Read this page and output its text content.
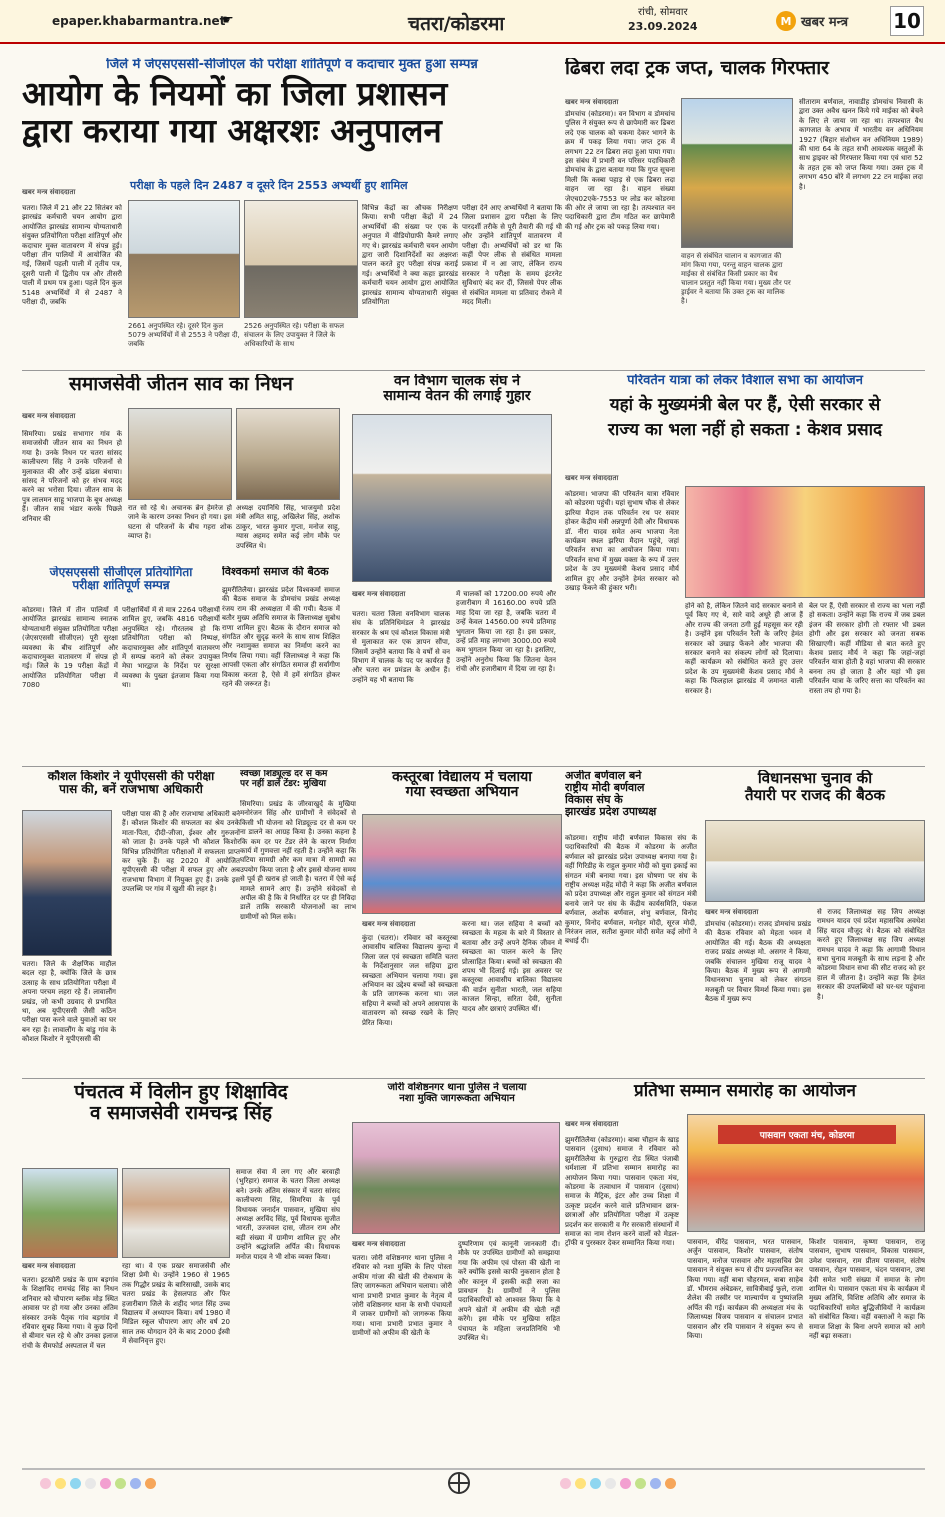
epaper.khabarmantra.net
☛	चतरा/कोडरमा
रांची, सोमवार
23.09.2024	M खबर मन्त्र 10
जिले में जेएसएससी-सीजीएल की परीक्षा शांतिपूर्ण व कदाचार मुक्त हुआ सम्पन्न
आयोग के नियमों का जिला प्रशासन
द्वारा कराया गया अक्षरशः अनुपालन
परीक्षा के पहले दिन 2487 व दूसरे दिन 2553 अभ्यर्थी हुए शामिल
खबर मन्त्र संवाददाता
चतरा। जिले में 21 और 22 सितंबर को झारखंड कर्मचारी चयन आयोग द्वारा आयोजित झारखंड सामान्य योग्यताधारी संयुक्त प्रतियोगिता परीक्षा शांतिपूर्ण और कदाचार मुक्त वातावरण में संपन्न हुई। परीक्षा तीन पालियों में आयोजित की गई, जिसमें पहली पाली में तृतीय पत्र, दूसरी पाली में द्वितीय पत्र और तीसरी पाली में प्रथम पत्र हुआ। पहले दिन कुल 5148 अभ्यर्थियों में से 2487 ने परीक्षा दी, जबकि
2661 अनुपस्थित रहे। दूसरे दिन कुल 5079 अभ्यर्थियों में से 2553 ने परीक्षा दी, जबकि
2526 अनुपस्थित रहे। परीक्षा के सफल संचालन के लिए उपायुक्त ने जिले के अधिकारियों के साथ
विभिन्न केंद्रों का औचक निरीक्षण किया। सभी परीक्षा केंद्रों में 24 अभ्यर्थियों की संख्या पर एक के अनुपात में वीडियोग्राफी कैमरे लगाए गए थे। झारखंड कर्मचारी चयन आयोग द्वारा जारी दिशानिर्देशों का अक्षरशः पालन करते हुए परीक्षा संपन्न कराई गई। अभ्यर्थियों ने क्या कहाः झारखंड कर्मचारी चयन आयोग द्वारा आयोजित झारखंड सामान्य योग्यताधारी संयुक्त प्रतियोगिता
परीक्षा देने आए अभ्यर्थियों ने बताया कि जिला प्रशासन द्वारा परीक्षा के लिए पारदर्शी तरीके से पूरी तैयारी की गई थी और उन्होंने शांतिपूर्ण वातावरण में परीक्षा दी। अभ्यर्थियों को डर था कि कहीं पेपर लीक से संबंधित मामला प्रकाश में न आ जाए, लेकिन राज्य सरकार ने परीक्षा के समय इंटरनेट सुविधाएं बंद कर दीं, जिससे पेपर लीक से संबंधित मामला या प्रतिवाद रोकने में मदद मिली।
ढिबरा लदा ट्रक जप्त, चालक गिरफ्तार
खबर मन्त्र संवाददाता
डोमचांच (कोडरमा)। वन विभाग व डोमचांच पुलिस ने संयुक्त रूप से छापेमारी कर ढिबरा लदे एक चालक को चकमा देकर भागने के क्रम में पकड़ लिया गया। जप्त ट्रक में लगभग 22 टन ढिबरा लदा हुआ पाया गया। इस संबंध में प्रभारी वन परिसर पदाधिकारी डोमचांच के द्वारा बताया गया कि गुप्त सूचना मिली कि कस्बा पहाड़ से एक ढिबरा लदा वाहन जा रहा है। वाहन संख्या जेएच02एके-7553 पर लोड कर कोडरमा की ओर ले जाया जा रहा है। तत्पश्चात वन पदाधिकारी द्वारा टीम गठित कर छापेमारी की गई और ट्रक को पकड़ लिया गया।
वाहन से संबंधित चालान व कागजात की मांग किया गया, परन्तु वाहन चालक द्वारा माईका से संबंधित किसी प्रकार का वैध चालान प्रस्तुत नहीं किया गया। मुख्य तौर पर ड्राईवर ने बताया कि उक्त ट्रक का मालिक है।
सीताराम बर्णवाल, नावाडीह डोमचांच निवासी के द्वारा उक्त अवैध खनन किये गये माईका को बेचने के लिए ले जाया जा रहा था। तत्पश्चात वैध कागजात के अभाव में भारतीय वन अधिनियम 1927 (बिहार संशोधन वन अधिनियम 1989) की धारा 64 के तहत सभी आवश्यक वस्तुओं के साथ ड्राइवर को गिरफ्तार किया गया एवं धारा 52 के तहत ट्रक को जप्त किया गया। उक्त ट्रक में लगभग 450 बोरे में लगभग 22 टन माईका लदा है।
समाजसेवी जीतन साव का निधन
खबर मन्त्र संवाददाता
सिमरिया। प्रखंड सभागार गांव के समाजसेवी जीतन साव का निधन हो गया है। उनके निधन पर चतरा सांसद कालीचरण सिंह ने उनके परिजनों से मुलाकात की और उन्हें ढांढस बंधाया। सांसद ने परिजनों को हर संभव मदद करने का भरोसा दिया। जीतन साव के पुत्र लालमन साहू भाजपा के बूथ अध्यक्ष हैं। जीतन साव भंडार करके पिछले शनिवार की
रात सो रहे थे। अचानक ब्रेन हेमरेज हो जाने के कारण उनका निधन हो गया। इस घटना से परिजनों के बीच गहरा शोक व्याप्त है।
अध्यक्ष दयानिधि सिंह, भाजयुमो प्रदेश मंत्री अमित साहू, अखिलेश सिंह, अशोक ठाकुर, भारत कुमार गुप्ता, मनोज साहू, ग्यास अहमद समेत कई लोग मौके पर उपस्थित थे।
वन विभाग चालक संघ ने
सामान्य वेतन की लगाई गुहार
खबर मन्त्र संवाददाता
चतरा। चतरा जिला वनविभाग चालक संघ के प्रतिनिधिमंडल ने झारखंड सरकार के श्रम एवं कौशल विकास मंत्री से मुलाकात कर एक ज्ञापन सौंपा, जिसमें उन्होंने बताया कि वे वर्षों से वन विभाग में चालक के पद पर कार्यरत हैं और चतरा वन प्रमंडल के अधीन हैं। उन्होंने यह भी बताया कि
में चालकों को 17200.00 रुपये और हजारीबाग में 16160.00 रुपये प्रति माह दिया जा रहा है, जबकि चतरा में उन्हें केवल 14560.00 रुपये प्रतिमाह भुगतान किया जा रहा है। इस प्रकार, उन्हें प्रति माह लगभग 3000.00 रुपये कम भुगतान किया जा रहा है। इसलिए, उन्होंने अनुरोध किया कि जितना वेतन रांची और हजारीबाग में दिया जा रहा है।
परिवर्तन यात्रा को लेकर विशाल सभा का आयोजन
यहां के मुख्यमंत्री बेल पर हैं, ऐसी सरकार से
राज्य का भला नहीं हो सकता : केशव प्रसाद
खबर मन्त्र संवाददाता
कोडरमा। भाजपा की परिवर्तन यात्रा रविवार को कोडरमा पहुंची। यहां सुभाष चौक से लेकर झरिया मैदान तक परिवर्तन रथ पर सवार होकर केंद्रीय मंत्री अन्नपूर्णा देवी और विधायक डॉ. नीरा यादव समेत अन्य भाजपा नेता कार्यक्रम स्थल झरिया मैदान पहुंचे, जहां परिवर्तन सभा का आयोजन किया गया। परिवर्तन सभा में मुख्य वक्ता के रूप में उत्तर प्रदेश के उप मुख्यमंत्री केशव प्रसाद मौर्य शामिल हुए और उन्होंने हेमंत सरकार को उखाड़ फेंकने की हुंकार भरी।
होने को है, लेकिन जितने वादे सरकार बनाने से पूर्व किए गए थे, सारे वादे अधूरे ही आज हैं और राज्य की जनता ठगी हुई महसूस कर रही है। उन्होंने इस परिवर्तन रैली के जरिए हेमंत सरकार को उखाड़ फेंकने और भाजपा की सरकार बनाने का संकल्प लोगों को दिलाया। कहीं कार्यक्रम को संबोधित करते हुए उत्तर प्रदेश के उप मुख्यमंत्री केशव प्रसाद मौर्य ने कहा कि फिलहाल झारखंड में जमानत वाली सरकार है।
बेल पर हैं, ऐसी सरकार से राज्य का भला नहीं हो सकता। उन्होंने कहा कि राज्य में जब डबल इंजन की सरकार होगी तो रफ्तार भी डबल होगी और इस सरकार को जनता सबक सिखाएगी। कहीं मीडिया से बात करते हुए केशव प्रसाद मौर्य ने कहा कि जहां-जहां परिवर्तन यात्रा होती है वहां भाजपा की सरकार बनना तय हो जाता है और यहां भी इस परिवर्तन यात्रा के जरिए सत्ता का परिवर्तन का रास्ता तय हो गया है।
जेएसएससी सीजीएल प्रतियोगिता
परीक्षा शांतिपूर्ण सम्पन्न
कोडरमा। जिले में तीन पालियों में आयोजित झारखंड सामान्य स्नातक योग्यताधारी संयुक्त प्रतियोगिता परीक्षा (जेएसएससी सीजीएल) पूरी सुरक्षा व्यवस्था के बीच शांतिपूर्ण और कदाचारमुक्त वातावरण में संपन्न हो गई। जिले के 19 परीक्षा केंद्रों में आयोजित प्रतियोगिता परीक्षा में 7080
परीक्षार्थियों में से मात्र 2264 परीक्षार्थी शामिल हुए, जबकि 4816 परीक्षार्थी अनुपस्थित रहे। गौरतलब हो कि प्रतियोगिता परीक्षा को निष्पक्ष, कदाचारमुक्त और शांतिपूर्ण वातावरण में सम्पन्न कराने को लेकर उपायुक्त मेघा भारद्वाज के निर्देश पर सुरक्षा व्यवस्था के पुख्ता इंतजाम किया गया था।
विश्वकर्मा समाज की बैठक
झुमरीतिलैया। झारखंड प्रदेश विश्वकर्मा समाज की बैठक समाज के डोमचांच प्रखंड अध्यक्ष रंजय राम की अध्यक्षता में की गयी। बैठक में बतौर मुख्य अतिथि समाज के जिलाध्यक्ष सुबोध राणा शामिल हुए। बैठक के दौरान समाज को संगठित और सुदृढ़ करने के साथ साथ शिक्षित और नशामुक्त समाज का निर्माण करने का निर्णय लिया गया। वहीं जिलाध्यक्ष ने कहा कि आपसी एकता और संगठित समाज ही सर्वांगीण विकास करता है, ऐसे में हमें संगठित होकर रहने की जरूरत है।
कौशल किशोर ने यूपीएससी की परीक्षा
पास की, बनें राजभाषा अधिकारी
चतरा। जिले के शैक्षणिक माहौल बदल रहा है, क्योंकि जिले के छात्र उत्साह के साथ प्रतियोगिता परीक्षा में अपना परचम लहरा रहे हैं। लावालौंग प्रखंड, जो कभी उग्रवाद से प्रभावित था, अब यूपीएससी जैसी कठिन परीक्षा पास करने वाले युवाओं का घर बन रहा है। लावालौंग के बांडु गांव के कौशल किशोर ने यूपीएससी की
परीक्षा पास की है और राजभाषा अधिकारी बने हैं। कौशल किशोर की सफलता का श्रेय उनके माता-पिता, दीदी-जीजा, ईश्वर और गुरुजनों को जाता है। उनके पहले भी कौशल किशोर विभिन्न प्रतियोगिता परीक्षाओं में सफलता प्राप्त कर चुके हैं। वह 2020 में आयोजित यूपीएससी की परीक्षा में सफल हुए और अब राजभाषा विभाग में नियुक्त हुए हैं। उनके इस उपलब्धि पर गांव में खुशी की लहर है।
स्वेच्छा शिड्यूल्ड दर से कम
पर नहीं डालें टेंडर: मुखिया
सिमरिया। प्रखंड के जीरवाखुर्द के मुखिया मनोरंजन सिंह और ग्रामीणों ने संवेदकों से किसी भी योजना को शिड्यूल्ड दर से कम पर ना डालने का आग्रह किया है। उनका कहना है कि कम दर पर टेंडर लेने के कारण निर्माण कार्य में गुणवत्ता नहीं रहती है। उन्होंने कहा कि घटिया सामग्री और कम मात्रा में सामग्री का उपयोग किया जाता है और इससे योजना समय से पूर्व ही खराब हो जाती है। चतरा में ऐसे कई मामले सामने आए हैं। उन्होंने संवेदकों से अपील की है कि वे निर्धारित दर पर ही निविदा डालें ताकि सरकारी योजनाओं का लाभ ग्रामीणों को मिल सके।
कस्तूरबा विद्यालय में चलाया
गया स्वच्छता अभियान
खबर मन्त्र संवाददाता
कुंदा (चतरा)। रविवार को कस्तूरबा आवासीय बालिका विद्यालय कुन्दा में जिला जल एवं स्वच्छता समिति चतरा के निर्देशानुसार जल सहिया द्वारा स्वच्छता अभियान चलाया गया। इस अभियान का उद्देश्य बच्चों को स्वच्छता के प्रति जागरूक करना था। जल सहिया ने बच्चों को अपने आसपास के वातावरण को स्वच्छ रखने के लिए प्रेरित किया।
करना था। जल सहिया ने बच्चों को स्वच्छता के महत्व के बारे में विस्तार से बताया और उन्हें अपने दैनिक जीवन में स्वच्छता का पालन करने के लिए प्रोत्साहित किया। बच्चों को स्वच्छता की शपथ भी दिलाई गई। इस अवसर पर कस्तूरबा आवासीय बालिका विद्यालय की वार्डन सुनीता भारती, जल सहिया काजल सिन्हा, सरिता देवी, सुनीता यादव और छात्राएं उपस्थित थीं।
अजीत बर्णवाल बने
राष्ट्रीय मोदी बर्णवाल
विकास संघ के
झारखंड प्रदेश उपाध्यक्ष
कोडरमा। राष्ट्रीय मोदी बर्णवाल विकास संघ के पदाधिकारियों की बैठक में कोडरमा के अजीत बर्णवाल को झारखंड प्रदेश उपाध्यक्ष बनाया गया है। वहीं गिरिडीह के राहुल कुमार मोदी को युवा इकाई का संगठन मंत्री बनाया गया। इस घोषणा पर संघ के राष्ट्रीय अध्यक्ष महेंद्र मोदी ने कहा कि अजीत बर्णवाल को प्रदेश उपाध्यक्ष और राहुल कुमार को संगठन मंत्री बनाये जाने पर संघ के केंद्रीय कार्यसमिति, पंकज बर्णवाल, अशोक बर्णवाल, शंभु बर्णवाल, विनोद कुमार, विनोद बर्णवाल, मनोहर मोदी, सूरज मोदी, निरंजन लाल, सतीश कुमार मोदी समेत कई लोगों ने बधाई दी।
विधानसभा चुनाव की
तैयारी पर राजद की बैठक
खबर मन्त्र संवाददाता
डोमचांच (कोडरमा)। राजद डोमचांच प्रखंड की बैठक रविवार को मेहता भवन में आयोजित की गई। बैठक की अध्यक्षता राजद प्रखंड अध्यक्ष मो. असगर ने किया, जबकि संचालन मुखिया राजू यादव ने किया। बैठक में मुख्य रूप से आगामी विधानसभा चुनाव को लेकर संगठन मजबूती पर विचार विमर्श किया गया। इस बैठक में मुख्य रूप
से राजद जिलाध्यक्ष सह जिप अध्यक्ष रामधन यादव एवं प्रदेश महासचिव अवधेश सिंह यादव मौजूद थे। बैठक को संबोधित करते हुए जिलाध्यक्ष सह जिप अध्यक्ष रामधन यादव ने कहा कि आगामी विधान सभा चुनाव मजबूती के साथ लड़ना है और कोडरमा विधान सभा की सीट राजद को हर हाल में जीतना है। उन्होंने कहा कि हेमंत सरकार की उपलब्धियों को घर-घर पहुंचाना है।
पंचतत्व में विलीन हुए शिक्षाविद
व समाजसेवी रामचन्द्र सिंह
खबर मन्त्र संवाददाता
चतरा। इटखोरी प्रखंड के ग्राम बड़गांव के शिक्षाविद रामचंद्र सिंह का निधन शनिवार को चौपारण ब्लॉक मोड़ स्थित आवास पर हो गया और उनका अंतिम संस्कार उनके पैतृक गांव बड़गांव में रविवार सुबह किया गया। वे कुछ दिनों से बीमार चल रहे थे और उनका इलाज रांची के सैमफोर्ड अस्पताल में चल
रहा था। वे एक प्रखर समाजसेवी और शिक्षा प्रेमी थे। उन्होंने 1960 से 1965 तक गिद्धौर प्रखंड के बारिसाखी, उसके बाद चतरा प्रखंड के हेसलपाठ और फिर हजारीबाग जिले के शहीद भगत सिंह उच्च विद्यालय में अध्यापन किया। वर्ष 1980 में मिडिल स्कूल चौपारण आए और वर्ष 20 साल तक योगदान देने के बाद 2000 ईस्वी में सेवानिवृत्त हुए।
समाज सेवा में लग गए और बरवाही (भुरिहार) समाज के चतरा जिला अध्यक्ष बने। उनके अंतिम संस्कार में चतरा सांसद कालीचरण सिंह, सिमरिया के पूर्व विधायक जनार्दन पासवान, मुखिया संघ अध्यक्ष अरविंद सिंह, पूर्व विधायक सुजीत भारती, उज्जवल दास, जीतन राम और बड़ी संख्या में ग्रामीण शामिल हुए और उन्होंने श्रद्धांजलि अर्पित की। विधायक मनोज यादव ने भी शोक व्यक्त किया।
जोरी वशिष्ठनगर थाना पुलिस ने चलाया
नशा मुक्ति जागरूकता अभियान
खबर मन्त्र संवाददाता
चतरा। जोरी वशिष्ठनगर थाना पुलिस ने रविवार को नशा मुक्ति के लिए पोस्ता अफीम गांजा की खेती की रोकथाम के लिए जागरूकता अभियान चलाया। जोरी थाना प्रभारी प्रभात कुमार के नेतृत्व में जोरी वशिष्ठनगर थाना के सभी पंचायतों में जाकर ग्रामीणों को जागरूक किया गया। थाना प्रभारी प्रभात कुमार ने ग्रामीणों को अफीम की खेती के
दुष्परिणाम एवं कानूनी जानकारी दी। मौके पर उपस्थित ग्रामीणों को समझाया गया कि अफीम एवं पोस्ता की खेती ना करें क्योंकि इससे काफी नुकसान होता है और कानून में इसकी कड़ी सजा का प्रावधान है। ग्रामीणों ने पुलिस पदाधिकारियों को आश्वस्त किया कि वे अपने खेतों में अफीम की खेती नहीं करेंगे। इस मौके पर मुखिया सहित पंचायत के महिला जनप्रतिनिधि भी उपस्थित थे।
प्रतिभा सम्मान समारोह का आयोजन
खबर मन्त्र संवाददाता
झुमरीतिलैया (कोडरमा)। बाबा चौहान के खाड़ पासवान (दुसाध) समाज ने रविवार को झुमरीतिलैया के गुरुद्वारा रोड स्थित पंजाबी धर्मशाला में प्रतिभा सम्मान समारोह का आयोजन किया गया। पासवान एकता मंच, कोडरमा के तत्वाधान में पासवान (दुसाध) समाज के मैट्रिक, इंटर और उच्च शिक्षा में उत्कृष्ट प्रदर्शन करने वाले प्रतिभावान छात्र-छात्राओं और प्रतियोगिता परीक्षा में उत्कृष्ट प्रदर्शन कर सरकारी व गैर सरकारी संस्थानों में समाज का नाम रोशन करने वालों को मेडल-ट्रॉफी व पुरस्कार देकर सम्मानित किया गया।
पासवान एकता मंच, कोडरमा
पासवान, वीरेंद्र पासवान, भरत पासवान, अर्जुन पासवान, किशोर पासवान, संतोष पासवान, मनोज पासवान और महासचिव प्रेम पासवान ने संयुक्त रूप से दीप प्रज्ज्वलित कर किया गया। वहीं बाबा चौहरमल, बाबा साहेब डॉ. भीमराव अंबेडकर, सावित्रीबाई फुले, राजा शैलेश की तस्वीर पर माल्यार्पण व पुष्पांजलि अर्पित की गई। कार्यक्रम की अध्यक्षता मंच के जिलाध्यक्ष विजय पासवान व संचालन प्रभात पासवान और रवि पासवान ने संयुक्त रूप से किया।
किशोर पासवान, कृष्णा पासवान, राजू पासवान, सुभाष पासवान, विकास पासवान, उमेश पासवान, राम प्रीतम पासवान, संतोष पासवान, रोहन पासवान, चंदन पासवान, उषा देवी समेत भारी संख्या में समाज के लोग शामिल थे। पासवान एकता मंच के कार्यक्रम में मुख्य अतिथि, विशिष्ट अतिथि और समाज के पदाधिकारियों समेत बुद्धिजीवियों ने कार्यक्रम को संबोधित किया। वहीं वक्ताओं ने कहा कि समाज शिक्षा के बिना अपने समाज को आगे नहीं बढ़ा सकता।
